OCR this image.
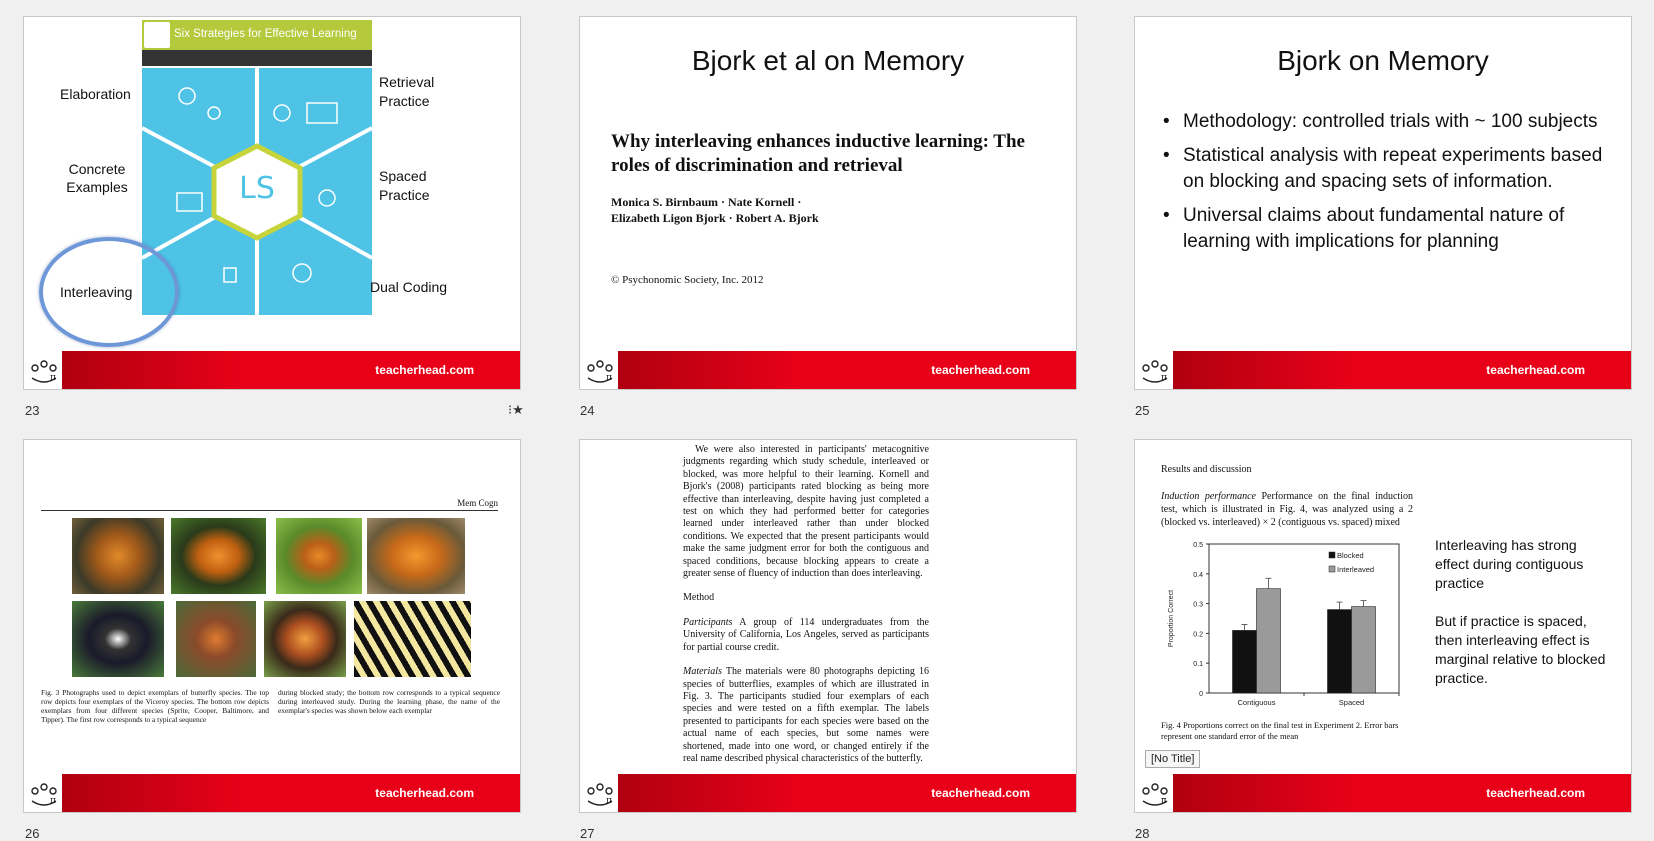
Six Strategies for Effective Learning
LS
Elaboration
Concrete Examples
Interleaving
Retrieval Practice
Spaced Practice
Dual Coding
π
teacherhead.com
23	⁝★
Bjork et al on Memory
Why interleaving enhances inductive learning: The roles of discrimination and retrieval
Monica S. Birnbaum · Nate Kornell ·
Elizabeth Ligon Bjork · Robert A. Bjork
© Psychonomic Society, Inc. 2012
π
teacherhead.com
24
Bjork on Memory
• Methodology: controlled trials with ~ 100 subjects
• Statistical analysis with repeat experiments based on blocking and spacing sets of information.
• Universal claims about fundamental nature of learning with implications for planning
π
teacherhead.com
25
Mem Cogn
Fig. 3 Photographs used to depict exemplars of butterfly species. The top row depicts four exemplars of the Viceroy species. The bottom row depicts exemplars from four different species (Sprite, Cooper, Baltimore, and Tipper). The first row corresponds to a typical sequence
during blocked study; the bottom row corresponds to a typical sequence during interleaved study. During the learning phase, the name of the exemplar's species was shown below each exemplar
π
teacherhead.com
26

We were also interested in participants' metacognitive judgments regarding which study schedule, interleaved or blocked, was more helpful to their learning. Kornell and Bjork's (2008) participants rated blocking as being more effective than interleaving, despite having just completed a test on which they had performed better for categories learned under interleaved rather than under blocked conditions. We expected that the present participants would make the same judgment error for both the contiguous and spaced conditions, because blocking appears to create a greater sense of fluency of induction than does interleaving.

Method

Participants A group of 114 undergraduates from the University of California, Los Angeles, served as participants for partial course credit.

Materials The materials were 80 photographs depicting 16 species of butterflies, examples of which are illustrated in Fig. 3. The participants studied four exemplars of each species and were tested on a fifth exemplar. The labels presented to participants for each species were based on the actual name of each species, but some names were shortened, made into one word, or changed entirely if the real name described physical characteristics of the butterfly.

π
teacherhead.com
27
Results and discussion
Induction performance Performance on the final induction test, which is illustrated in Fig. 4, was analyzed using a 2 (blocked vs. interleaved) × 2 (contiguous vs. spaced) mixed
0
0.1
0.2
0.3
0.4
0.5
Proportion Correct
Contiguous	Spaced
Blocked
Interleaved
Fig. 4 Proportions correct on the final test in Experiment 2. Error bars represent one standard error of the mean
Interleaving has strong effect during contiguous practice
But if practice is spaced, then interleaving effect is marginal relative to blocked practice.
π
teacherhead.com
[No Title]
28
